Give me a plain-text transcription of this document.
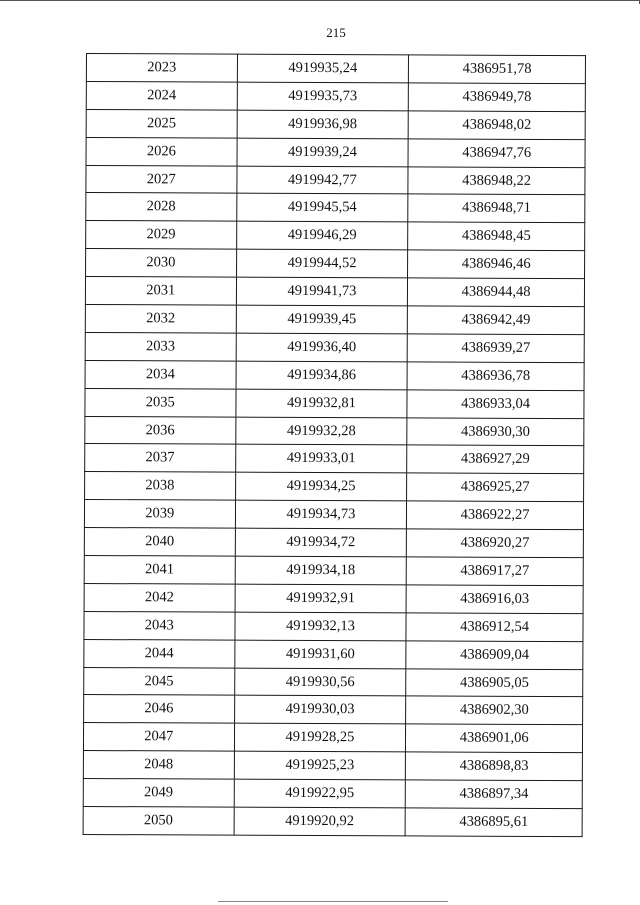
215
2023	4919935,24	4386951,78
2024	4919935,73	4386949,78
2025	4919936,98	4386948,02
2026	4919939,24	4386947,76
2027	4919942,77	4386948,22
2028	4919945,54	4386948,71
2029	4919946,29	4386948,45
2030	4919944,52	4386946,46
2031	4919941,73	4386944,48
2032	4919939,45	4386942,49
2033	4919936,40	4386939,27
2034	4919934,86	4386936,78
2035	4919932,81	4386933,04
2036	4919932,28	4386930,30
2037	4919933,01	4386927,29
2038	4919934,25	4386925,27
2039	4919934,73	4386922,27
2040	4919934,72	4386920,27
2041	4919934,18	4386917,27
2042	4919932,91	4386916,03
2043	4919932,13	4386912,54
2044	4919931,60	4386909,04
2045	4919930,56	4386905,05
2046	4919930,03	4386902,30
2047	4919928,25	4386901,06
2048	4919925,23	4386898,83
2049	4919922,95	4386897,34
2050	4919920,92	4386895,61
